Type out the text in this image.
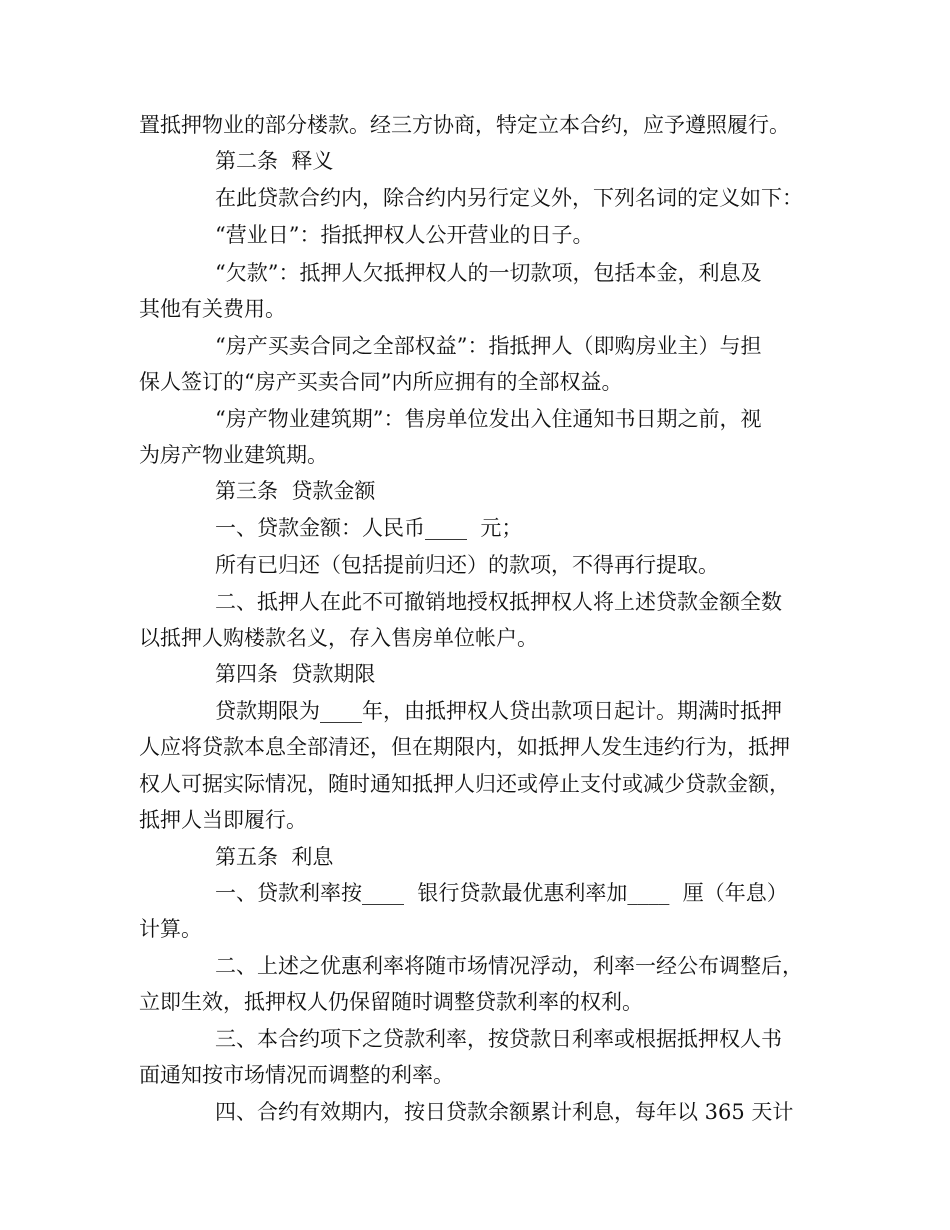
置抵押物业的部分楼款。经三方协商，特定立本合约，应予遵照履行。
第二条  释义
在此贷款合约内，除合约内另行定义外，下列名词的定义如下：
“营业日”：指抵押权人公开营业的日子。
“欠款”：抵押人欠抵押权人的一切款项，包括本金，利息及
其他有关费用。
“房产买卖合同之全部权益”：指抵押人（即购房业主）与担
保人签订的“房产买卖合同”内所应拥有的全部权益。
“房产物业建筑期”：售房单位发出入住通知书日期之前，视
为房产物业建筑期。
第三条  贷款金额
一、贷款金额：人民币____  元；
所有已归还（包括提前归还）的款项，不得再行提取。
二、抵押人在此不可撤销地授权抵押权人将上述贷款金额全数
以抵押人购楼款名义，存入售房单位帐户。
第四条  贷款期限
贷款期限为____年，由抵押权人贷出款项日起计。期满时抵押
人应将贷款本息全部清还，但在期限内，如抵押人发生违约行为，抵押
权人可据实际情况，随时通知抵押人归还或停止支付或减少贷款金额，
抵押人当即履行。
第五条  利息
一、贷款利率按____  银行贷款最优惠利率加____  厘（年息）
计算。
二、上述之优惠利率将随市场情况浮动，利率一经公布调整后，
立即生效，抵押权人仍保留随时调整贷款利率的权利。
三、本合约项下之贷款利率，按贷款日利率或根据抵押权人书
面通知按市场情况而调整的利率。
四、合约有效期内，按日贷款余额累计利息，每年以 365 天计
